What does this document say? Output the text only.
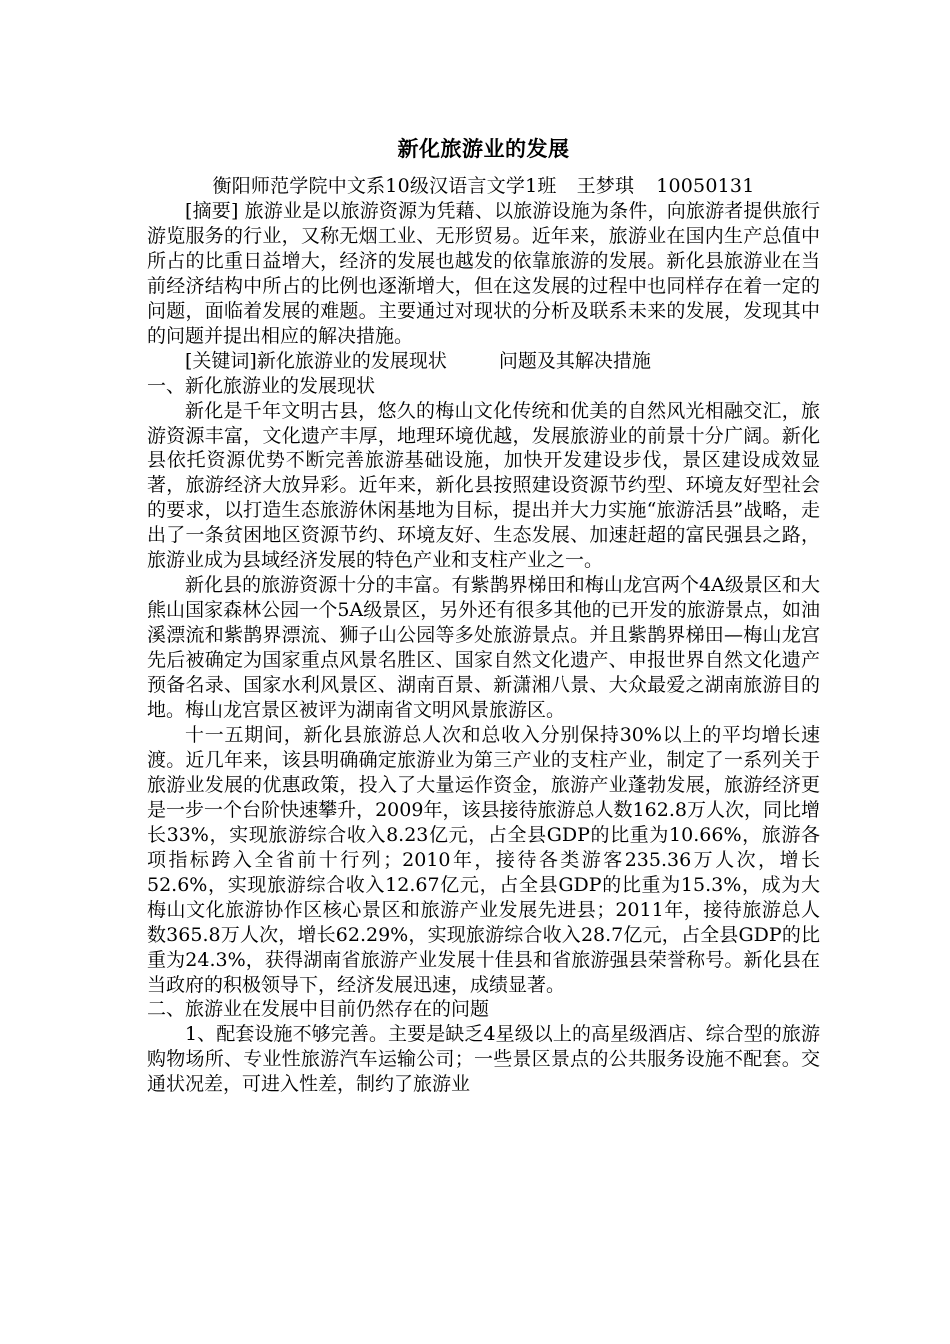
新化旅游业的发展

衡阳师范学院中文系10级汉语言文学1班 王梦琪 10050131

[摘要] 旅游业是以旅游资源为凭藉、以旅游设施为条件，向旅游者提供旅行游览服务的行业，又称无烟工业、无形贸易。近年来，旅游业在国内生产总值中所占的比重日益增大，经济的发展也越发的依靠旅游的发展。新化县旅游业在当前经济结构中所占的比例也逐渐增大，但在这发展的过程中也同样存在着一定的问题，面临着发展的难题。主要通过对现状的分析及联系未来的发展，发现其中的问题并提出相应的解决措施。

[关键词]新化旅游业的发展现状	问题及其解决措施

一、新化旅游业的发展现状

新化是千年文明古县，悠久的梅山文化传统和优美的自然风光相融交汇，旅游资源丰富，文化遗产丰厚，地理环境优越，发展旅游业的前景十分广阔。新化县依托资源优势不断完善旅游基础设施，加快开发建设步伐，景区建设成效显著，旅游经济大放异彩。近年来，新化县按照建设资源节约型、环境友好型社会的要求，以打造生态旅游休闲基地为目标，提出并大力实施“旅游活县”战略，走出了一条贫困地区资源节约、环境友好、生态发展、加速赶超的富民强县之路，旅游业成为县域经济发展的特色产业和支柱产业之一。

新化县的旅游资源十分的丰富。有紫鹊界梯田和梅山龙宫两个4A级景区和大熊山国家森林公园一个5A级景区，另外还有很多其他的已开发的旅游景点，如油溪漂流和紫鹊界漂流、狮子山公园等多处旅游景点。并且紫鹊界梯田—梅山龙宫先后被确定为国家重点风景名胜区、国家自然文化遗产、申报世界自然文化遗产预备名录、国家水利风景区、湖南百景、新潇湘八景、大众最爱之湖南旅游目的地。梅山龙宫景区被评为湖南省文明风景旅游区。

十一五期间，新化县旅游总人次和总收入分别保持30%以上的平均增长速渡。近几年来，该县明确确定旅游业为第三产业的支柱产业，制定了一系列关于旅游业发展的优惠政策，投入了大量运作资金，旅游产业蓬勃发展，旅游经济更是一步一个台阶快速攀升，2009年，该县接待旅游总人数162.8万人次，同比增长33%，实现旅游综合收入8.23亿元，占全县GDP的比重为10.66%，旅游各项指标跨入全省前十行列；2010年，接待各类游客235.36万人次，增长52.6%，实现旅游综合收入12.67亿元，占全县GDP的比重为15.3%，成为大梅山文化旅游协作区核心景区和旅游产业发展先进县；2011年，接待旅游总人数365.8万人次，增长62.29%，实现旅游综合收入28.7亿元，占全县GDP的比重为24.3%，获得湖南省旅游产业发展十佳县和省旅游强县荣誉称号。新化县在当政府的积极领导下，经济发展迅速，成绩显著。

二、旅游业在发展中目前仍然存在的问题

1、配套设施不够完善。主要是缺乏4星级以上的高星级酒店、综合型的旅游购物场所、专业性旅游汽车运输公司；一些景区景点的公共服务设施不配套。交通状况差，可进入性差，制约了旅游业
